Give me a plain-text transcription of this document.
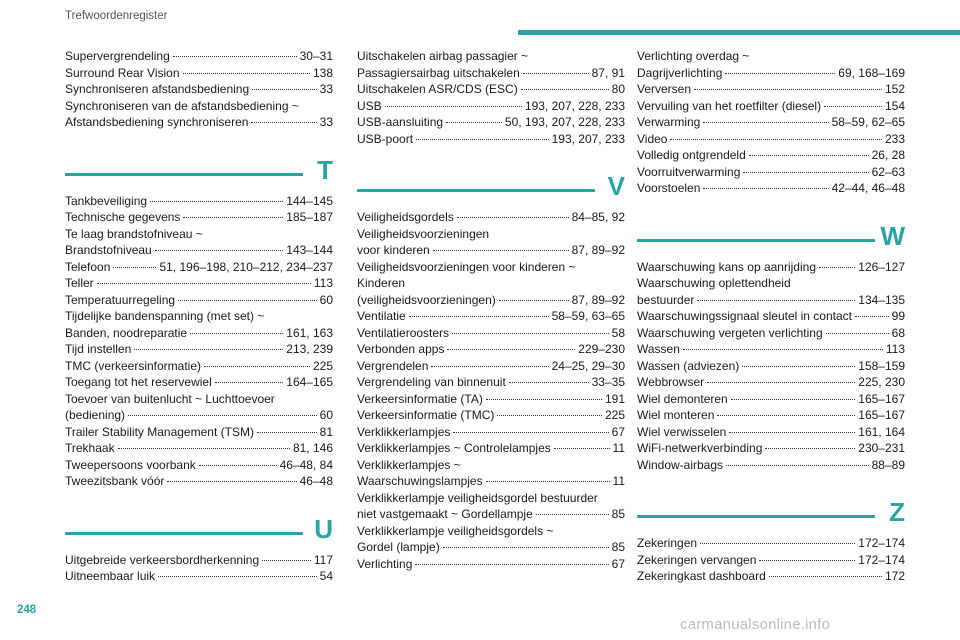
Trefwoordenregister
Supervergrendeling	30–31
Surround Rear Vision	138
Synchroniseren afstandsbediening	33
Synchroniseren van de afstandsbediening ~
Afstandsbediening synchroniseren	33
T
Tankbeveiliging	144–145
Technische gegevens	185–187
Te laag brandstofniveau ~
Brandstofniveau	143–144
Telefoon	51, 196–198, 210–212, 234–237
Teller	113
Temperatuurregeling	60
Tijdelijke bandenspanning (met set) ~
Banden, noodreparatie	161, 163
Tijd instellen	213, 239
TMC (verkeersinformatie)	225
Toegang tot het reservewiel	164–165
Toevoer van buitenlucht ~ Luchttoevoer
(bediening)	60
Trailer Stability Management (TSM)	81
Trekhaak	81, 146
Tweepersoons voorbank	46–48, 84
Tweezitsbank vóór	46–48
U
Uitgebreide verkeersbordherkenning	117
Uitneembaar luik	54
Uitschakelen airbag passagier ~
Passagiersairbag uitschakelen	87, 91
Uitschakelen ASR/CDS (ESC)	80
USB	193, 207, 228, 233
USB-aansluiting	50, 193, 207, 228, 233
USB-poort	193, 207, 233
V
Veiligheidsgordels	84–85, 92
Veiligheidsvoorzieningen
voor kinderen	87, 89–92
Veiligheidsvoorzieningen voor kinderen ~
Kinderen
(veiligheidsvoorzieningen)	87, 89–92
Ventilatie	58–59, 63–65
Ventilatieroosters	58
Verbonden apps	229–230
Vergrendelen	24–25, 29–30
Vergrendeling van binnenuit	33–35
Verkeersinformatie (TA)	191
Verkeersinformatie (TMC)	225
Verklikkerlampjes	67
Verklikkerlampjes ~ Controlelampjes	11
Verklikkerlampjes ~
Waarschuwingslampjes	11
Verklikkerlampje veiligheidsgordel bestuurder
niet vastgemaakt ~ Gordellampje	85
Verklikkerlampje veiligheidsgordels ~
Gordel (lampje)	85
Verlichting	67
Verlichting overdag ~
Dagrijverlichting	69, 168–169
Verversen	152
Vervuiling van het roetfilter (diesel)	154
Verwarming	58–59, 62–65
Video	233
Volledig ontgrendeld	26, 28
Voorruitverwarming	62–63
Voorstoelen	42–44, 46–48
W
Waarschuwing kans op aanrijding	126–127
Waarschuwing oplettendheid
bestuurder	134–135
Waarschuwingssignaal sleutel in contact	99
Waarschuwing vergeten verlichting	68
Wassen	113
Wassen (adviezen)	158–159
Webbrowser	225, 230
Wiel demonteren	165–167
Wiel monteren	165–167
Wiel verwisselen	161, 164
WiFi-netwerkverbinding	230–231
Window-airbags	88–89
Z
Zekeringen	172–174
Zekeringen vervangen	172–174
Zekeringkast dashboard	172
248
carmanualsonline.info
